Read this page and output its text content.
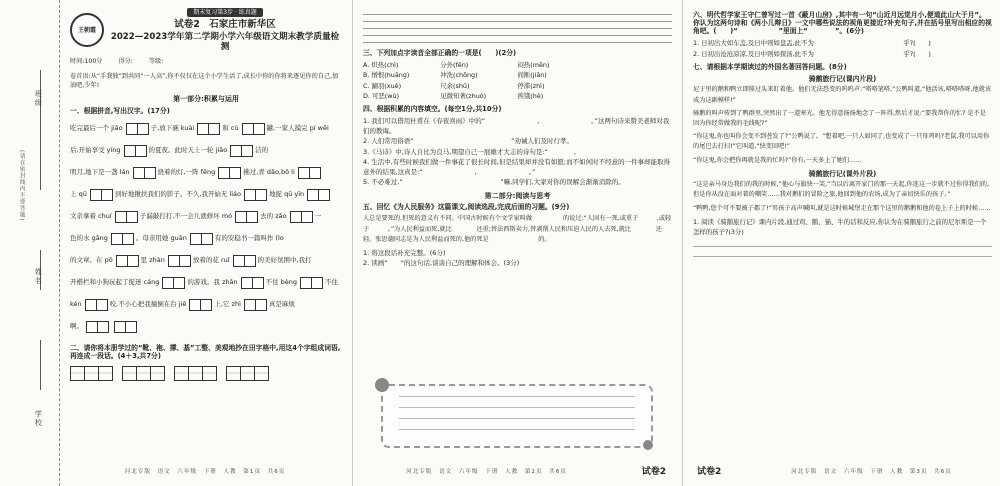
班级
姓名
学校
(请在密封线内不要答题)
王朝霞
期末复习第3步 · 练真题
试卷2　石家庄市新华区
2022—2023学年第二学期小学六年级语文期末教学质量检测
时间:100分	得分:	等级:
卷首语:从“手我独”到共同“一人高”,你不仅仅在这个小学生活了,成长中你的你将来逐见你的自己,加油吧,少年!
第一部分:积累与运用
一、根据拼音,写出汉字。(17分)
吃完最后一个 jiǎo	子,放下碗 kuài	和 cù	罐,一家人摸完 pí wēi
后,开始享受 yíng	的夏夜。此时天上一轮 jiǎo	洁的
明月,地下是一盏 lán	烧着的灯,一阵 fēng	拂过,青 dǎo,bō li
上 qū	到好地揪扶我们的影子。不久,我开始无 liáo	地捉 qū yīn
文亲拿着 chuí	子漏敲打打,不一会儿就修坏 mó	去的 zǎo	一
色的水 gāng	。母亲用她 guān	有的安稳书一篇叫作 (lo
的文章。在 pō	里 zhàn	放着的花 ruǐ	的美好氛围中,我打
开楷栏和小狗玩起了捉迷 cáng	的游戏。我 zhǎn	不住 bèng	不住
kén	咬,不小心把我撞倒在台 jiē	上,它 zhì	真是麻烦
啊。
二、请你将本册学过的“靴、袍、撑、基”工整、美观地抄在田字格中,用这4个字组成词语,再连成一段话。(4＋3,共7分)
河北专版　语文　六年级　下册　人教　第1页　共6页
三、下列加点字读音全部正确的一项是(　　)(2分)
A. 炽热(chì)	分外(fēn)	闷热(mēn)
B. 憎恨(huāng)	冲洗(chōng)	间断(jiān)
C. 涮羽(xuē)	尺余(shǔ)	停滞(zhì)
D. 可恶(wù)	见微知著(zhuó)	挨饿(hè)
四、根据积累的内容填空。(每空1分,共10分)
1. 我们可以借用杜甫在《春夜喜雨》中的“　　　　　　　　,　　　　　　　　。”这两句诗来赞美老师对我们的教诲。
2. 人们常用俗语“　　　　　　　　　　　　　　　”劝诫人们及时行孝。
3.《马诗》中,诗人自比为良马,期望自己一展雄才大志的诗句是:“　　　　,
4. 生活中,有些时候我们做一件事花了很长时间,但是结果却并没有如愿;而不如何时不经意的一件事却能取得意外的结果,这真是:“　　　　　　　　,　　　　　　　　。”
5. 不必难过,“　　　　　　　　　　　　　　　”嘛,同学们,大家对你的误解会渐渐消除的。
第二部分:阅读与思考
五、回忆《为人民服务》这篇课文,阅读选段,完成后面的习题。(9分)
人总是要死的,但死的意义有不同。中国古时候有个文学家叫做　　　　　的说过:“人固有一死,或重于　　　,或轻于　　　。”为人民利益而死,就比　　　　还重;替法西斯卖力,替剥削人民和压迫人民的人去死,就比　　　　还轻。张思德同志是为人民利益而死的,他的死是　　　　　　　　的。
1. 将这段话补充完整。(6分)
2. 读画“　　”的这句话,谈谈自己的理解和体会。(3分)
河北专版　语文　六年级　下册　人教　第2页　共6页	试卷2
六、明代哲学家王守仁曾写过一首《蔽月山房》,其中有一句“山近月远觉月小,便道此山大于月”。你认为这两句诗和《两小儿辩日》一文中哪些说法的视角更接近?补充句子,并在括号里写出相应的视角吧。(　　)“　　　　　　”里面上“　　　　”。(6分)
1. 日初出大如车盖,及日中则如盘盂,此不为　　　　　　　　　　　　　　乎?(　　)
2. 日初出沧沧凉凉,及日中则如探汤,此不为　　　　　　　　　　　　　　乎?(　　)
七、请根据本学期读过的外国名著回答问题。(8分)
骑鹅旅行记(课内片段)
尼于里的鹅和鸭立即排过头来盯着他。他们无法恐变的呜呜声:“嗒嗒笔嗒,”公鸭叫道,“他活该,嗒嗒嗒呀,他就该成为这副模样!”
骑鹅的叫声传到了鸭群里,突然出了一道寒光。他无得意扬扬地念了一阵得,然后才说:“要我帮你的忙? 是不是因为你经常做我的毛线呢?”
“你这鬼,你也叫你会变不到苍发了?”公鸭说了。“想着吧,一只人如同了,也变成了一只母鸡吗?老鼠,我可以用你的尾巴去打扫!”它叫道,“快变回吧!”
“你这鬼,你会把你再就是我的忙吗?”你有,一天多上了她们……
骑鹅旅行记(课外片段)
“这是亲马身边我们的我的时候,”他心与旗快一笑,“当以后离开家门的那一天起,你连这一步就不过你得我们的,但是你从没在面对着的嘲笑……我对鹅们的冒险之旅,他回到他的农场,成为了亲切快乐的孩子。”
“鸭鸭,您个可不要被子都了!”男孩子高声喊叫,就是这时候城堡走在那个这里的鹅鹅和他的卷上子上的时候……
1. 阅读《骑鹅旅行记》课内片段,通过鸡、鹅、猫、牛的话和反应,你认为在骑鹅旅行之前的尼尔斯是一个怎样的孩子?(3分)
试卷2	河北专版　语文　六年级　下册　人教　第3页　共6页
